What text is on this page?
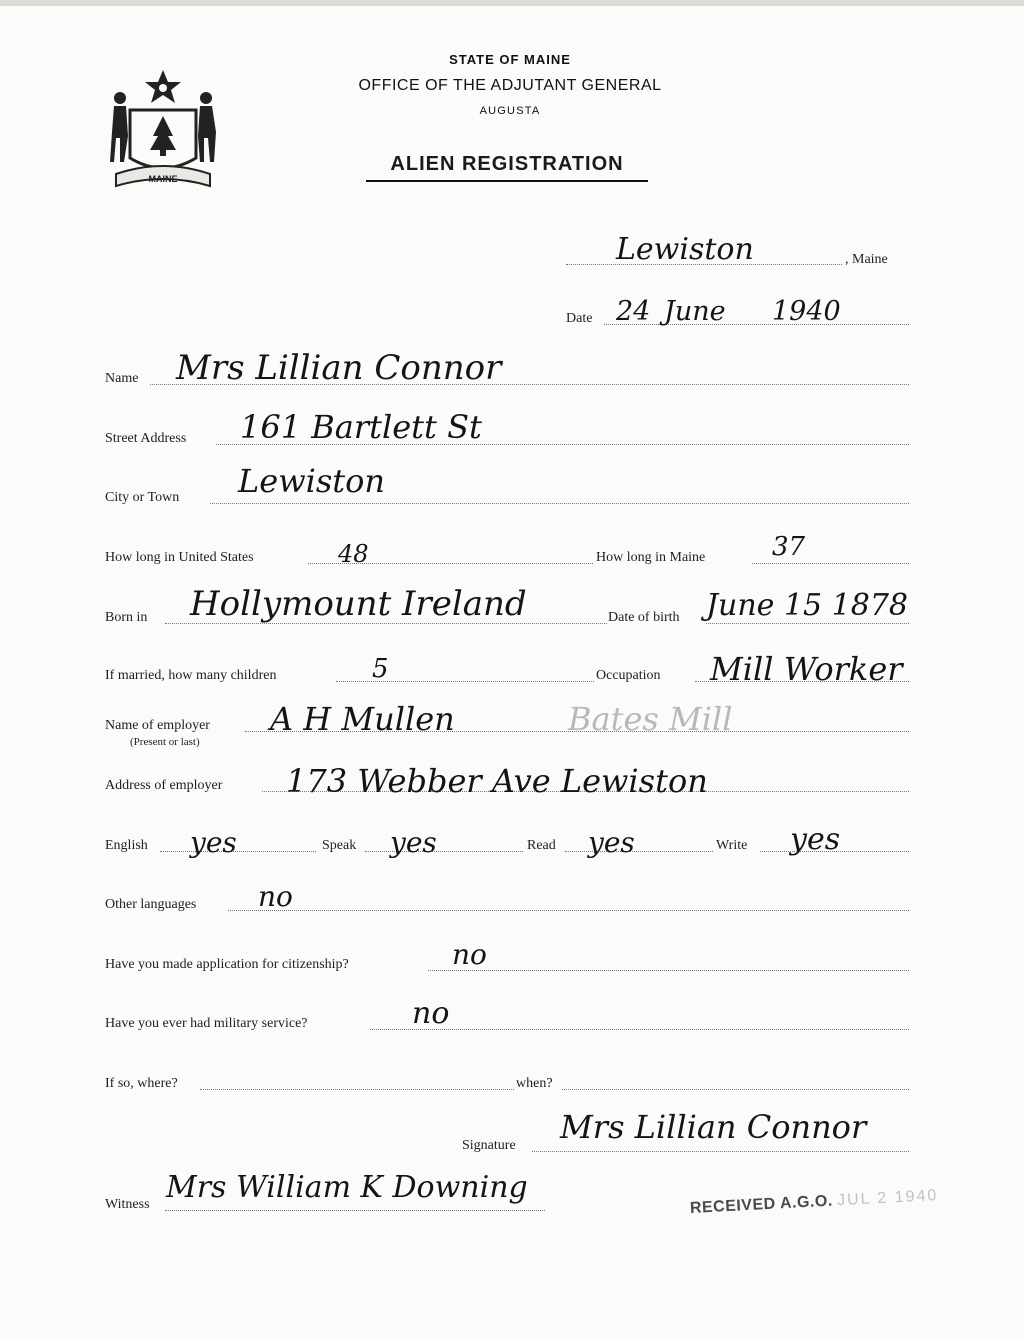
MAINE
STATE OF MAINE
OFFICE OF THE ADJUTANT GENERAL
AUGUSTA
ALIEN REGISTRATION
Lewiston	, Maine
Date 24 June 1940
Name Mrs Lillian Connor
Street Address 161 Bartlett St
City or Town Lewiston
How long in United States	48	How long in Maine	37
Born in Hollymount Ireland	Date of birth June 15 1878
If married, how many children	5	Occupation Mill Worker
Name of employer
(Present or last)
A H Mullen	Bates Mill
Address of employer 173 Webber Ave Lewiston
English yes	Speak yes	Read yes	Write yes
Other languages no
Have you made application for citizenship?	no
Have you ever had military service?	no
If so, where?	when?
Signature Mrs Lillian Connor
Witness Mrs William K Downing	RECEIVED A.G.O. JUL 2 1940
